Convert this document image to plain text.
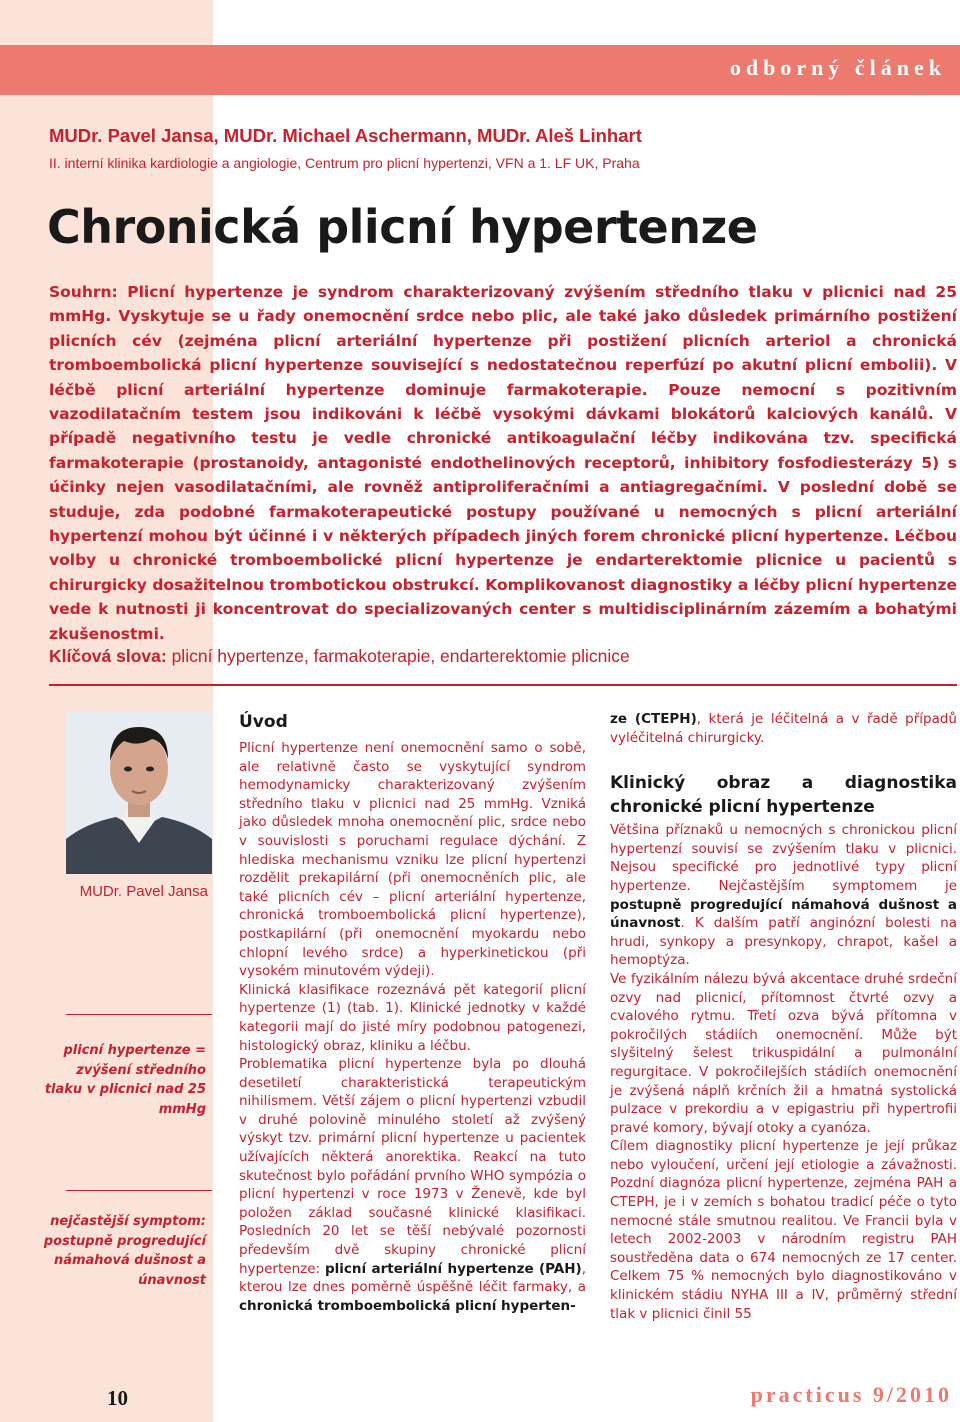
odborný článek
MUDr. Pavel Jansa, MUDr. Michael Aschermann, MUDr. Aleš Linhart
II. interní klinika kardiologie a angiologie, Centrum pro plicní hypertenzi, VFN a 1. LF UK, Praha
Chronická plicní hypertenze

Souhrn: Plicní hypertenze je syndrom charakterizovaný zvýšením středního tlaku v plicnici nad 25 mmHg. Vyskytuje se u řady onemocnění srdce nebo plic, ale také jako důsledek primárního postižení plicních cév (zejména plicní arteriální hypertenze při postižení plicních arteriol a chronická tromboembolická plicní hypertenze související s nedostatečnou reperfúzí po akutní plicní embolii). V léčbě plicní arteriální hypertenze dominuje farmakoterapie. Pouze nemocní s pozitivním vazodilatačním testem jsou indikováni k léčbě vysokými dávkami blokátorů kalciových kanálů. V případě negativního testu je vedle chronické antikoagulační léčby indikována tzv. specifická farmakoterapie (prostanoidy, antagonisté endothelinových receptorů, inhibitory fosfodiesterázy 5) s účinky nejen vasodilatačními, ale rovněž antiproliferačními a antiagregačními. V poslední době se studuje, zda podobné farmakoterapeutické postupy používané u nemocných s plicní arteriální hypertenzí mohou být účinné i v některých případech jiných forem chronické plicní hypertenze. Léčbou volby u chronické tromboembolické plicní hypertenze je endarterektomie plicnice u pacientů s chirurgicky dosažitelnou trombotickou obstrukcí. Komplikovanost diagnostiky a léčby plicní hypertenze vede k nutnosti ji koncentrovat do specializovaných center s multidisciplinárním zázemím a bohatými zkušenostmi.

Klíčová slova: plicní hypertenze, farmakoterapie, endarterektomie plicnice
MUDr. Pavel Jansa
plicní hypertenze = zvýšení středního tlaku v plicnici nad 25 mmHg
nejčastější symptom: postupně progredující námahová dušnost a únavnost
Úvod

Plicní hypertenze není onemocnění samo o sobě, ale relativně často se vyskytující syndrom hemodynamicky charakterizovaný zvýšením středního tlaku v plicnici nad 25 mmHg. Vzniká jako důsledek mnoha onemocnění plic, srdce nebo v souvislosti s poruchami regulace dýchání. Z hlediska mechanismu vzniku lze plicní hypertenzi rozdělit prekapilární (při onemocněních plic, ale také plicních cév – plicní arteriální hypertenze, chronická tromboembolická plicní hypertenze), postkapilární (při onemocnění myokardu nebo chlopní levého srdce) a hyperkinetickou (při vysokém minutovém výdeji).

Klinická klasifikace rozeznává pět kategorií plicní hypertenze (1) (tab. 1). Klinické jednotky v každé kategorii mají do jisté míry podobnou patogenezi, histologický obraz, kliniku a léčbu.

Problematika plicní hypertenze byla po dlouhá desetiletí charakteristická terapeutickým nihilismem. Větší zájem o plicní hypertenzi vzbudil v druhé polovině minulého století až zvýšený výskyt tzv. primární plicní hypertenze u pacientek užívajících některá anorektika. Reakcí na tuto skutečnost bylo pořádání prvního WHO sympózia o plicní hypertenzi v roce 1973 v Ženevě, kde byl položen základ současné klinické klasifikaci. Posledních 20 let se těší nebývalé pozornosti především dvě skupiny chronické plicní hypertenze: plicní arteriální hypertenze (PAH), kterou lze dnes poměrně úspěšně léčit farmaky, a chronická tromboembolická plicní hyperten-

ze (CTEPH), která je léčitelná a v řadě případů vyléčitelná chirurgicky.

Klinický obraz a diagnostika chronické plicní hypertenze

Většina příznaků u nemocných s chronickou plicní hypertenzí souvisí se zvýšením tlaku v plicnici. Nejsou specifické pro jednotlivé typy plicní hypertenze. Nejčastějším symptomem je postupně progredující námahová dušnost a únavnost. K dalším patří anginózní bolesti na hrudi, synkopy a presynkopy, chrapot, kašel a hemoptýza.

Ve fyzikálním nálezu bývá akcentace druhé srdeční ozvy nad plicnicí, přítomnost čtvrté ozvy a cvalového rytmu. Třetí ozva bývá přítomna v pokročilých stádiích onemocnění. Může být slyšitelný šelest trikuspidální a pulmonální regurgitace. V pokročilejších stádiích onemocnění je zvýšená náplň krčních žil a hmatná systolická pulzace v prekordiu a v epigastriu při hypertrofii pravé komory, bývají otoky a cyanóza.

Cílem diagnostiky plicní hypertenze je její průkaz nebo vyloučení, určení její etiologie a závažnosti. Pozdní diagnóza plicní hypertenze, zejména PAH a CTEPH, je i v zemích s bohatou tradicí péče o tyto nemocné stále smutnou realitou. Ve Francii byla v letech 2002-2003 v národním registru PAH soustředěna data o 674 nemocných ze 17 center. Celkem 75 % nemocných bylo diagnostikováno v klinickém stádiu NYHA III a IV, průměrný střední tlak v plicnici činil 55

10	practicus 9/2010
